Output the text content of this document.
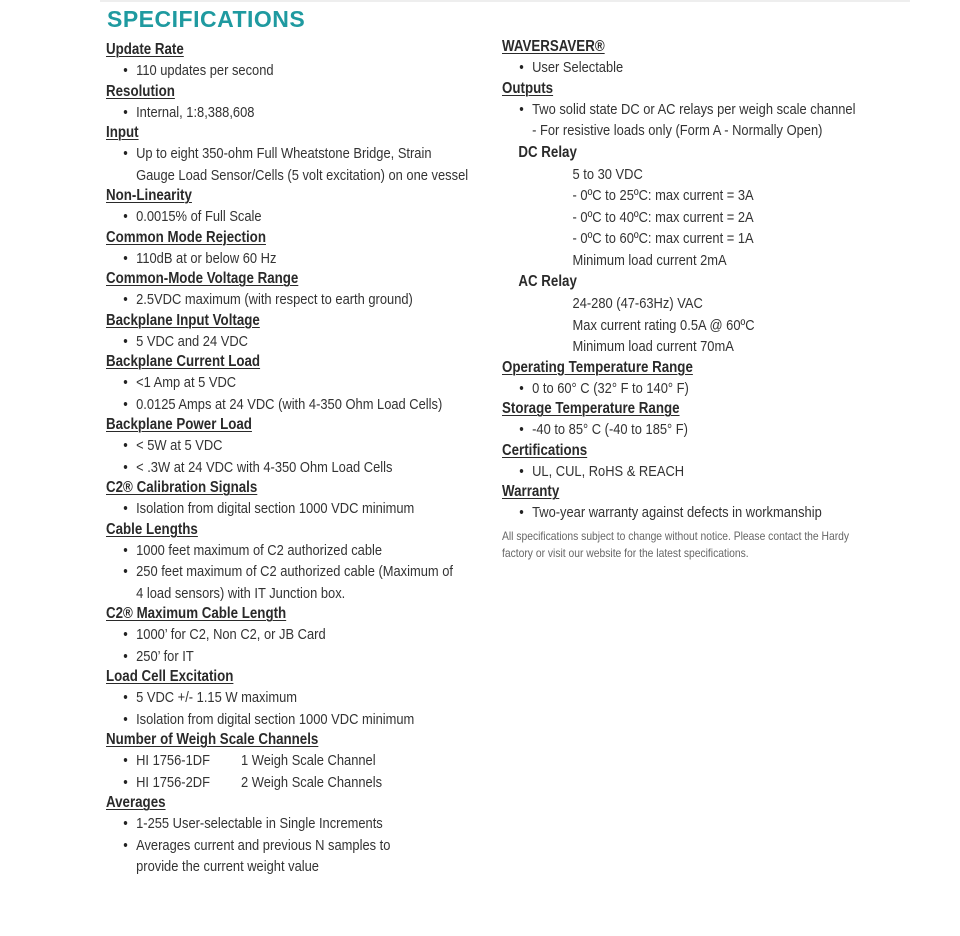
SPECIFICATIONS
Update Rate
• 110 updates per second
Resolution
• Internal, 1:8,388,608
Input
• Up to eight 350-ohm Full Wheatstone Bridge, Strain
Gauge Load Sensor/Cells (5 volt excitation) on one vessel
Non-Linearity
• 0.0015% of Full Scale
Common Mode Rejection
• 110dB at or below 60 Hz
Common-Mode Voltage Range
• 2.5VDC maximum (with respect to earth ground)
Backplane Input Voltage
• 5 VDC and 24 VDC
Backplane Current Load
• <1 Amp at 5 VDC
• 0.0125 Amps at 24 VDC (with 4-350 Ohm Load Cells)
Backplane Power Load
• < 5W at 5 VDC
• < .3W at 24 VDC with 4-350 Ohm Load Cells
C2® Calibration Signals
• Isolation from digital section 1000 VDC minimum
Cable Lengths
• 1000 feet maximum of C2 authorized cable
• 250 feet maximum of C2 authorized cable (Maximum of
4 load sensors) with IT Junction box.
C2® Maximum Cable Length
• 1000’ for C2, Non C2, or JB Card
• 250’ for IT
Load Cell Excitation
• 5 VDC +/- 1.15 W maximum
• Isolation from digital section 1000 VDC minimum
Number of Weigh Scale Channels
• HI 1756-1DF 1 Weigh Scale Channel
• HI 1756-2DF 2 Weigh Scale Channels
Averages
• 1-255 User-selectable in Single Increments
• Averages current and previous N samples to
provide the current weight value
WAVERSAVER®
• User Selectable
Outputs
• Two solid state DC or AC relays per weigh scale channel
- For resistive loads only (Form A - Normally Open)
DC Relay
5 to 30 VDC
- 0ºC to 25ºC: max current = 3A
- 0ºC to 40ºC: max current = 2A
- 0ºC to 60ºC: max current = 1A
Minimum load current 2mA
AC Relay
24-280 (47-63Hz) VAC
Max current rating 0.5A @ 60ºC
Minimum load current 70mA
Operating Temperature Range
• 0 to 60° C (32° F to 140° F)
Storage Temperature Range
• -40 to 85° C (-40 to 185° F)
Certifications
• UL, CUL, RoHS & REACH
Warranty
• Two-year warranty against defects in workmanship
All specifications subject to change without notice. Please contact the Hardy
factory or visit our website for the latest specifications.
